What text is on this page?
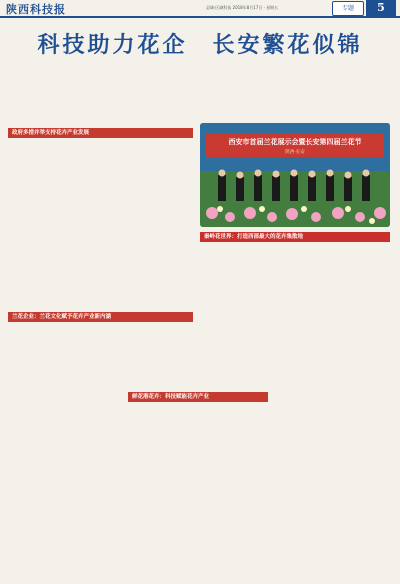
陕西科技报	县域·区域科技 2018年8月17日 · 星期五	专题	5
科技助力花企　长安繁花似锦
政府多措并举支持花卉产业发展
兰花企业：兰花文化赋予花卉产业新内涵
西安市首届兰花展示会暨长安第四届兰花节
陕西·长安
秦岭花世界：打造西部最大的花卉集散地
鲜花港花卉：科技赋能花卉产业
